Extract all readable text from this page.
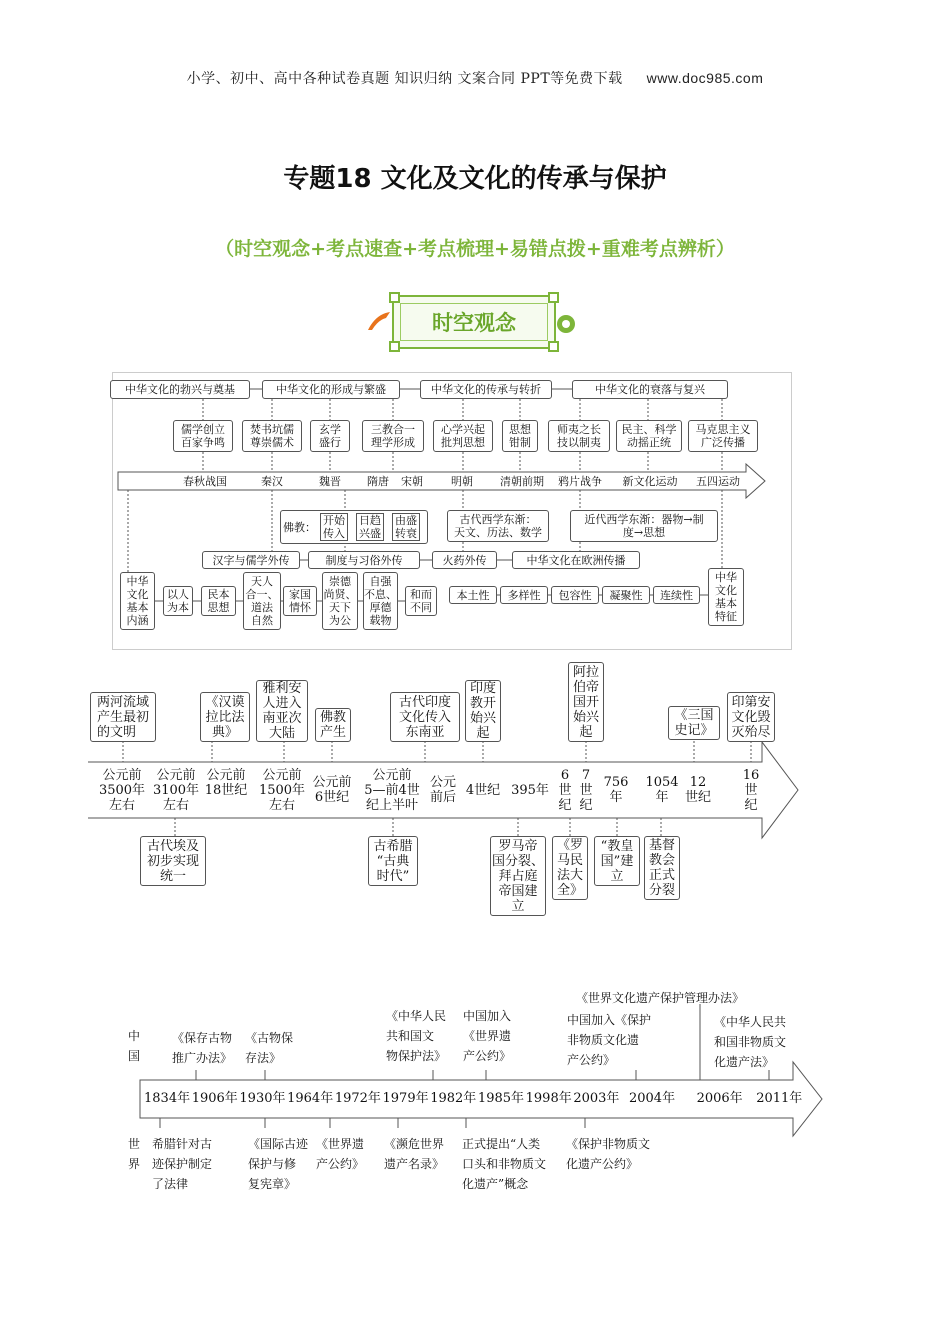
小学、初中、高中各种试卷真题 知识归纳 文案合同 PPT等免费下载 www.doc985.com
专题18 文化及文化的传承与保护
（时空观念+考点速查+考点梳理+易错点拨+重难考点辨析）
时空观念
中华文化的勃兴与奠基	中华文化的形成与繁盛	中华文化的传承与转折	中华文化的衰落与复兴
儒学创立
百家争鸣
焚书坑儒
尊崇儒术
玄学
盛行
三教合一
理学形成
心学兴起
批判思想
思想
钳制
师夷之长
技以制夷
民主、科学
动摇正统
马克思主义
广泛传播
春秋战国	秦汉	魏晋	隋唐	宋朝	明朝	清朝前期	鸦片战争	新文化运动	五四运动
佛教： 开始
传入
日趋
兴盛
由盛
转衰
古代西学东渐：
天文、历法、数学
近代西学东渐：器物→制
度→思想
汉字与儒学外传	制度与习俗外传	火药外传	中华文化在欧洲传播
中华
文化
基本
内涵
以人
为本
民本
思想
天人
合一、
道法
自然
家国
情怀
崇德
尚贤、
天下
为公
自强
不息、
厚德
载物
和而
不同
本土性	多样性	包容性	凝聚性	连续性
中华
文化
基本
特征
两河流域
产生最初
的文明
《汉谟
拉比法
典》
雅利安
人进入
南亚次
大陆
佛教
产生
古代印度
文化传入
东南亚
印度
教开
始兴
起
阿拉
伯帝
国开
始兴
起
《三国
史记》
印第安
文化毁
灭殆尽
公元前
3500年
左右
公元前
3100年
左右
公元前
18世纪
公元前
1500年
左右
公元前
6世纪
公元前
5—前4世
纪上半叶
公元
前后 4世纪 395年
6
世
纪
7
世
纪
756
年
1054
年
12
世纪
16
世
纪
古代埃及
初步实现
统一
古希腊
“古典
时代”
罗马帝
国分裂、
拜占庭
帝国建
立
《罗
马民
法大
全》
“教皇
国”建
立
基督
教会
正式
分裂
中
国
世
界
《保存古物
推广办法》
《古物保
存法》
《中华人民
共和国文
物保护法》
中国加入
《世界遗
产公约》
中国加入《保护
非物质文化遗
产公约》
《世界文化遗产保护管理办法》
《中华人民共
和国非物质文
化遗产法》
1834年 1906年 1930年 1964年 1972年 1979年 1982年 1985年 1998年 2003年 2004年	2006年	2011年
希腊针对古
迹保护制定
了法律
《国际古迹
保护与修
复宪章》
《世界遗
产公约》
《濒危世界
遗产名录》
正式提出“人类
口头和非物质文
化遗产”概念
《保护非物质文
化遗产公约》
